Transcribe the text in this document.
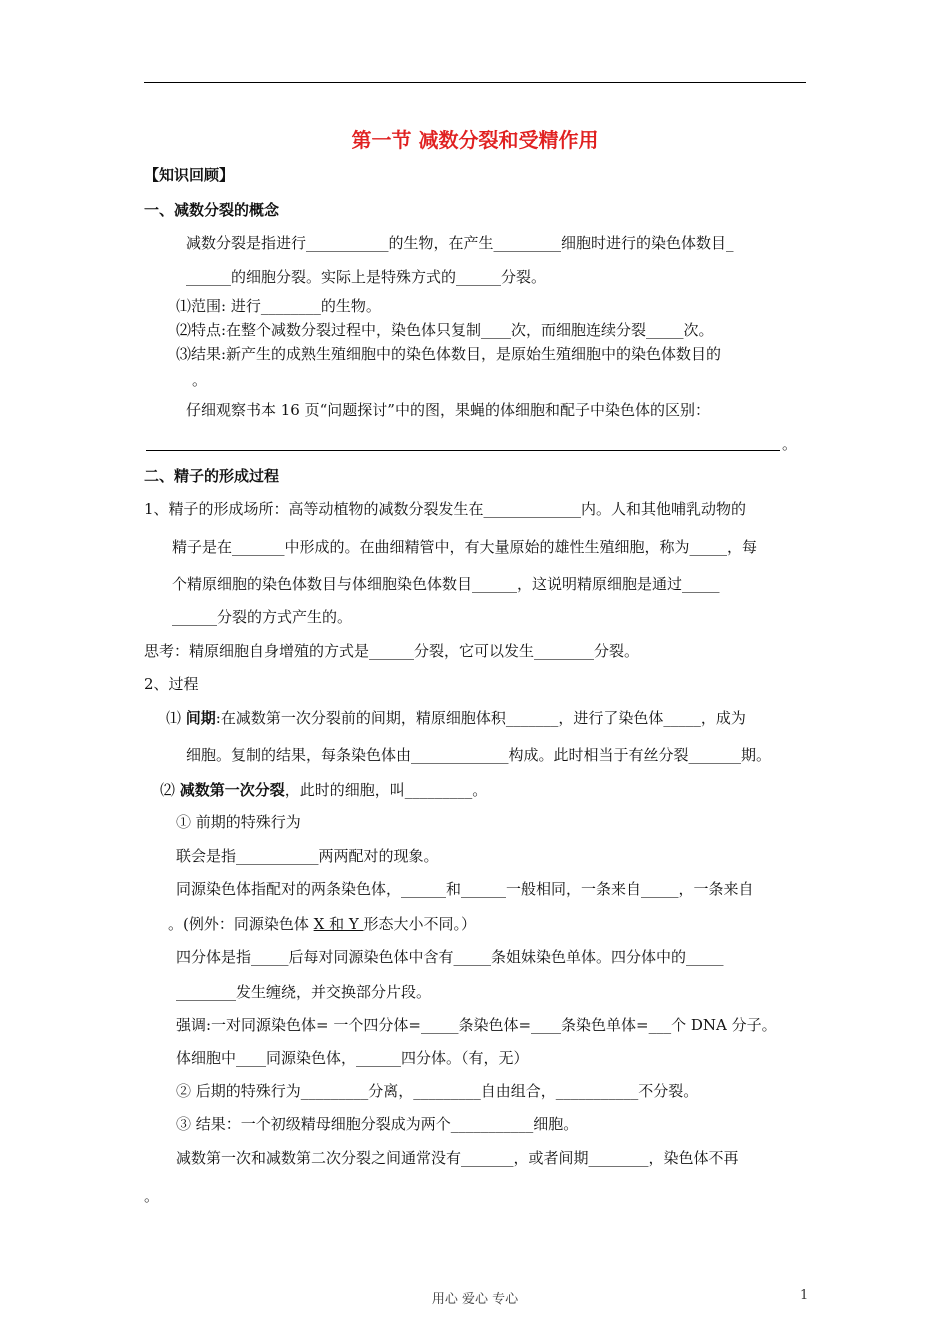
第一节 减数分裂和受精作用
【知识回顾】
一、减数分裂的概念
减数分裂是指进行___________的生物，在产生_________细胞时进行的染色体数目_
______的细胞分裂。实际上是特殊方式的______分裂。
⑴范围: 进行________的生物。
⑵特点:在整个减数分裂过程中，染色体只复制____次，而细胞连续分裂_____次。
⑶结果:新产生的成熟生殖细胞中的染色体数目，是原始生殖细胞中的染色体数目的
。
仔细观察书本 16 页“问题探讨”中的图，果蝇的体细胞和配子中染色体的区别：
。
二、精子的形成过程
1、精子的形成场所：高等动植物的减数分裂发生在_____________内。人和其他哺乳动物的
精子是在_______中形成的。在曲细精管中，有大量原始的雄性生殖细胞，称为_____，每
个精原细胞的染色体数目与体细胞染色体数目______，这说明精原细胞是通过_____
______分裂的方式产生的。
思考：精原细胞自身增殖的方式是______分裂，它可以发生________分裂。
2、过程
⑴ 间期:在减数第一次分裂前的间期，精原细胞体积_______，进行了染色体_____，成为
细胞。复制的结果，每条染色体由_____________构成。此时相当于有丝分裂_______期。
⑵ 减数第一次分裂，此时的细胞，叫_________。
① 前期的特殊行为
联会是指___________两两配对的现象。
同源染色体指配对的两条染色体，______和______一般相同，一条来自_____，一条来自
。(例外：同源染色体 X 和 Y 形态大小不同。）
四分体是指_____后每对同源染色体中含有_____条姐妹染色单体。四分体中的_____
________发生缠绕，并交换部分片段。
强调:一对同源染色体= 一个四分体=_____条染色体=____条染色单体=___个 DNA 分子。
体细胞中____同源染色体，______四分体。（有，无）
② 后期的特殊行为_________分离，_________自由组合，___________不分裂。
③ 结果：一个初级精母细胞分裂成为两个___________细胞。
减数第一次和减数第二次分裂之间通常没有_______，或者间期________，染色体不再
。
用心 爱心 专心	1
